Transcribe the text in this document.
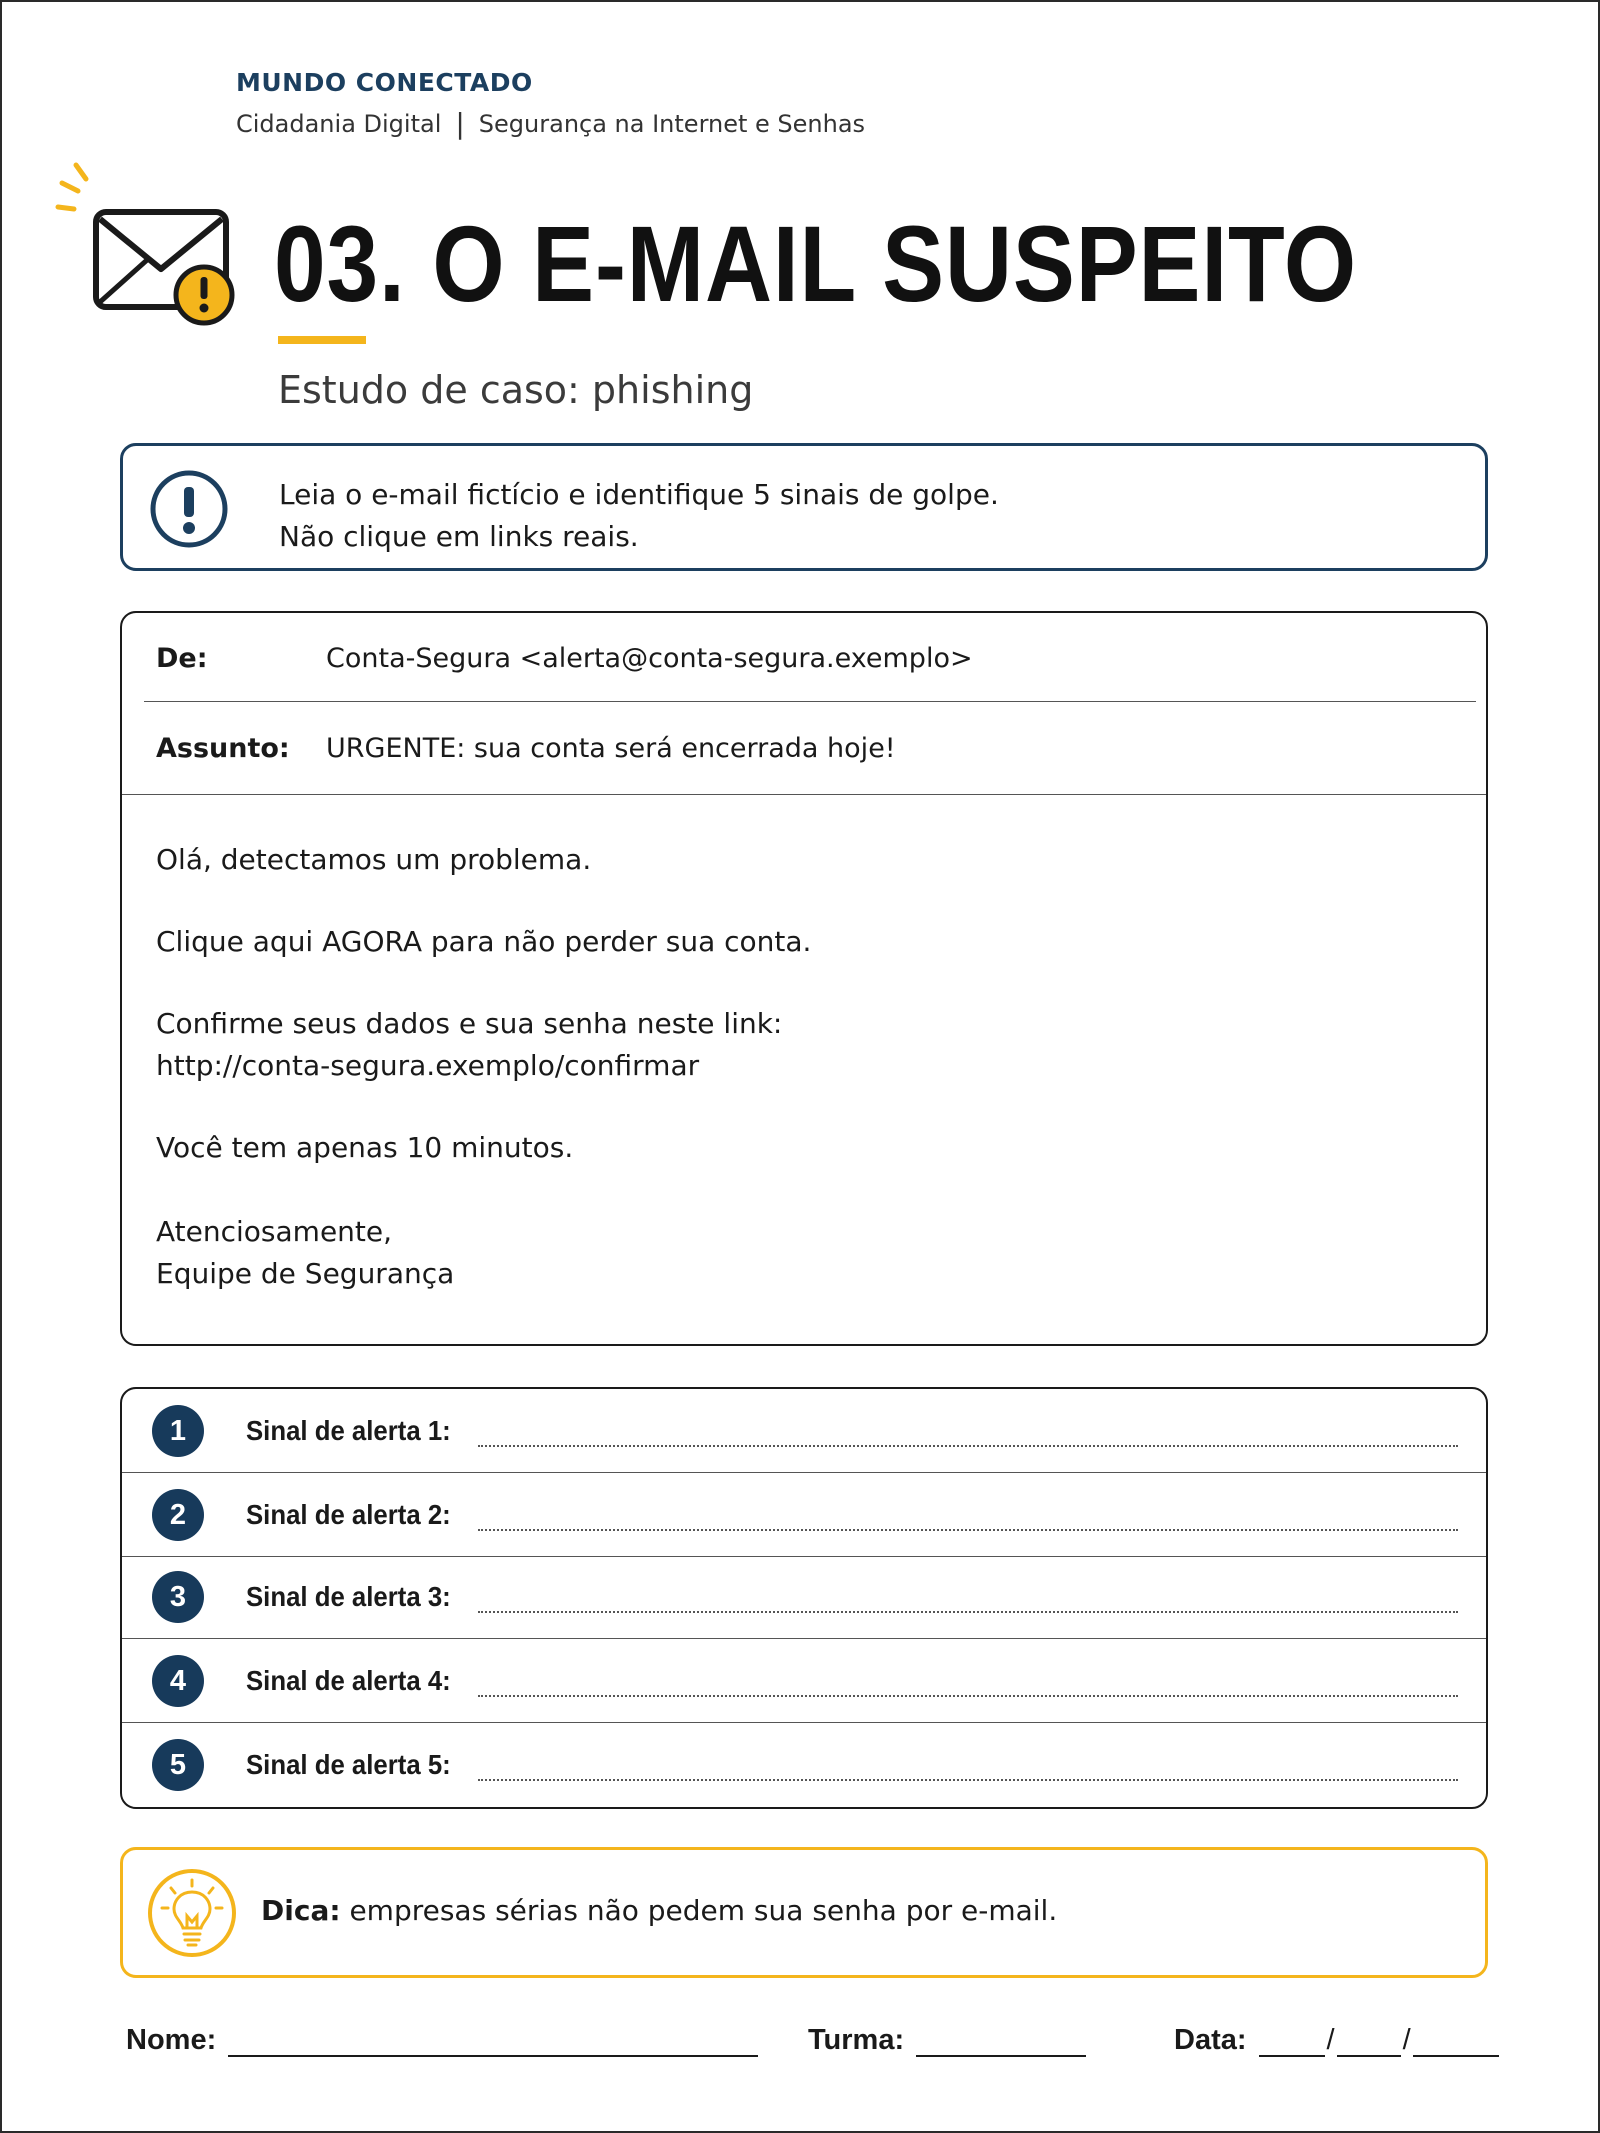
MUNDO CONECTADO
Cidadania Digital | Segurança na Internet e Senhas
03. O E-MAIL SUSPEITO
Estudo de caso: phishing
Leia o e-mail fictício e identifique 5 sinais de golpe.
Não clique em links reais.
De:	Conta-Segura <alerta@conta-segura.exemplo>
Assunto:	URGENTE: sua conta será encerrada hoje!

Olá, detectamos um problema.

Clique aqui AGORA para não perder sua conta.

Confirme seus dados e sua senha neste link:

http://conta-segura.exemplo/confirmar

Você tem apenas 10 minutos.

Atenciosamente,

Equipe de Segurança

1	Sinal de alerta 1:
2	Sinal de alerta 2:
3	Sinal de alerta 3:
4	Sinal de alerta 4:
5	Sinal de alerta 5:
Dica: empresas sérias não pedem sua senha por e-mail.
Nome:	Turma:	Data:	/ /
